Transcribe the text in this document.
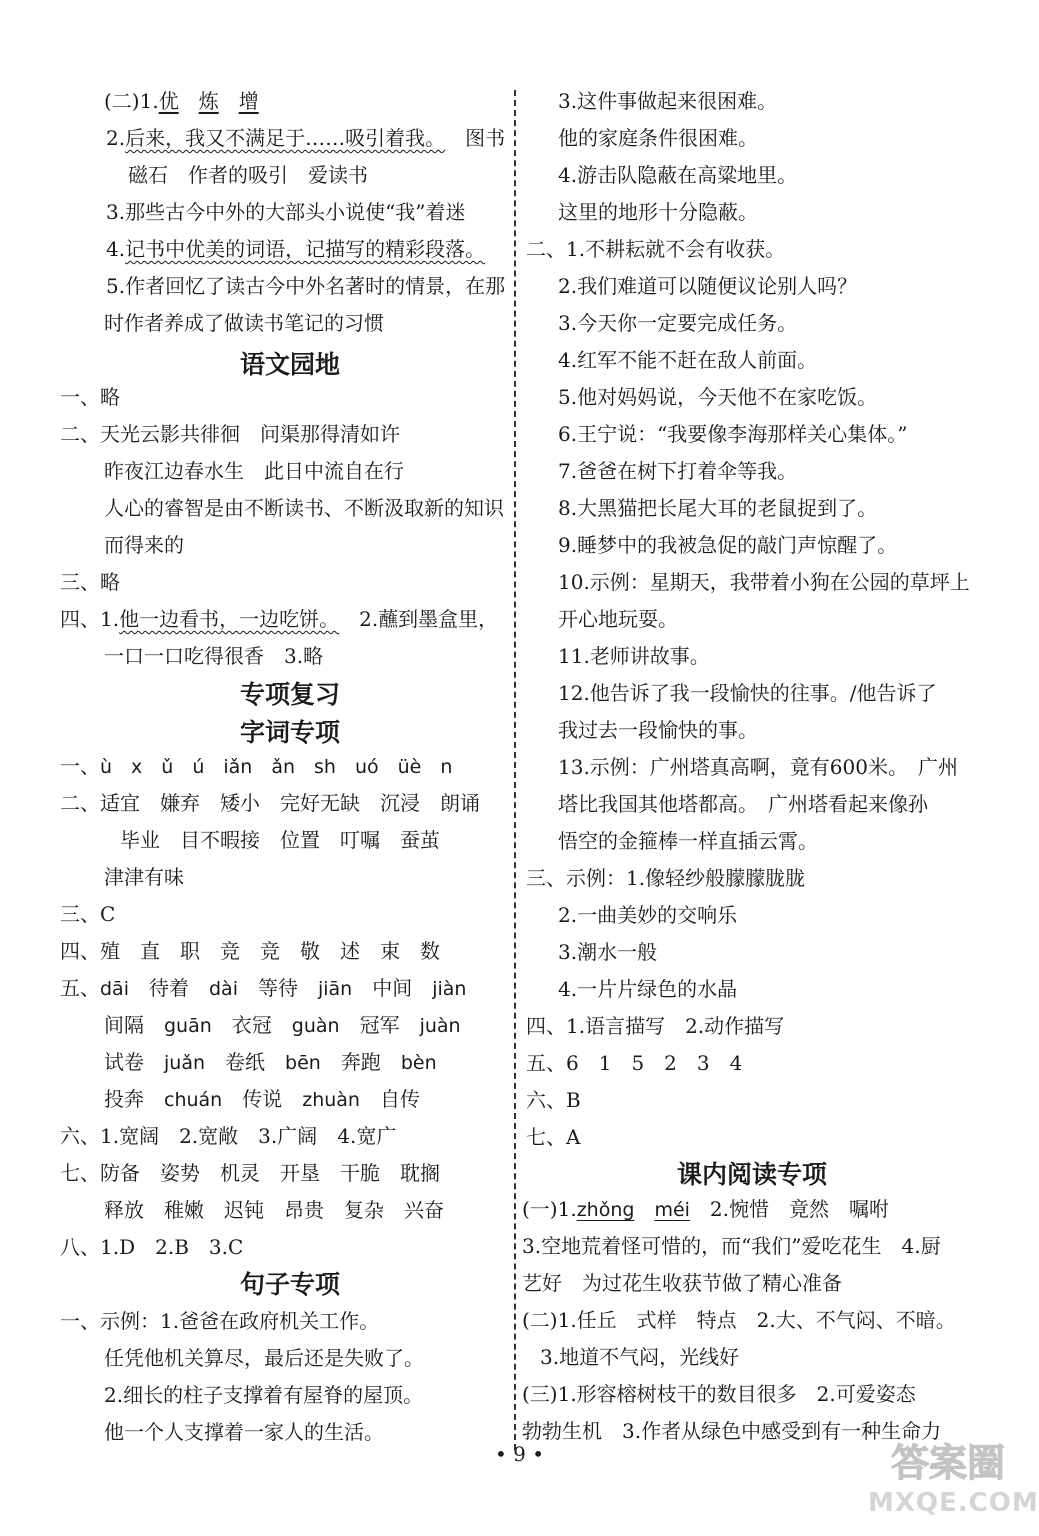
(二)1.优　 炼　 增
2.后来，我又不满足于……吸引着我。　 图书
磁石　作者的吸引　爱读书
3.那些古今中外的大部头小说使“我”着迷
4.记书中优美的词语，记描写的精彩段落。
5.作者回忆了读古今中外名著时的情景，在那
时作者养成了做读书笔记的习惯
语文园地
一、略
二、天光云影共徘徊　问渠那得清如许
昨夜江边春水生　此日中流自在行
人心的睿智是由不断读书、不断汲取新的知识
而得来的
三、略
四、1.他一边看书，一边吃饼。　 2.蘸到墨盒里，
一口一口吃得很香　3.略
专项复习
字词专项
一、ù　x　ǔ　ú　iǎn　ǎn　sh　uó　üè　n
二、适宜　嫌弃　矮小　完好无缺　沉浸　朗诵
毕业　目不暇接　位置　叮嘱　蚕茧
津津有味
三、C
四、殖　直　职　竞　竞　敬　述　束　数
五、dāi　 待着　 dài　 等待　 jiān　 中间　 jiàn
间隔　 guān　 衣冠　 guàn　 冠军　 juàn
试卷　 juǎn　 卷纸　 bēn　 奔跑　 bèn
投奔　 chuán　 传说　 zhuàn　 自传
六、1.宽阔　2.宽敞　3.广阔　4.宽广
七、防备　姿势　机灵　开垦　干脆　耽搁
释放　稚嫩　迟钝　昂贵　复杂　兴奋
八、1.D　2.B　3.C
句子专项
一、示例：1.爸爸在政府机关工作。
任凭他机关算尽，最后还是失败了。
2.细长的柱子支撑着有屋脊的屋顶。
他一个人支撑着一家人的生活。
3.这件事做起来很困难。
他的家庭条件很困难。
4.游击队隐蔽在高粱地里。
这里的地形十分隐蔽。
二、1.不耕耘就不会有收获。
2.我们难道可以随便议论别人吗？
3.今天你一定要完成任务。
4.红军不能不赶在敌人前面。
5.他对妈妈说，今天他不在家吃饭。
6.王宁说：“我要像李海那样关心集体。”
7.爸爸在树下打着伞等我。
8.大黑猫把长尾大耳的老鼠捉到了。
9.睡梦中的我被急促的敲门声惊醒了。
10.示例：星期天，我带着小狗在公园的草坪上
开心地玩耍。
11.老师讲故事。
12.他告诉了我一段愉快的往事。/他告诉了
我过去一段愉快的事。
13.示例：广州塔真高啊，竟有600米。　广州
塔比我国其他塔都高。　广州塔看起来像孙
悟空的金箍棒一样直插云霄。
三、示例：1.像轻纱般朦朦胧胧
2.一曲美妙的交响乐
3.潮水一般
4.一片片绿色的水晶
四、1.语言描写　2.动作描写
五、6　1　5　2　3　4
六、B
七、A
课内阅读专项
(一)1.zhǒng　 méi　 2.惋惜　竟然　嘱咐
3.空地荒着怪可惜的，而“我们”爱吃花生　4.厨
艺好　为过花生收获节做了精心准备
(二)1.任丘　式样　特点　2.大、不气闷、不暗。
3.地道不气闷，光线好
(三)1.形容榕树枝干的数目很多　2.可爱姿态
勃勃生机　3.作者从绿色中感受到有一种生命力
• 9 •	答案圈
MXQE.COM
